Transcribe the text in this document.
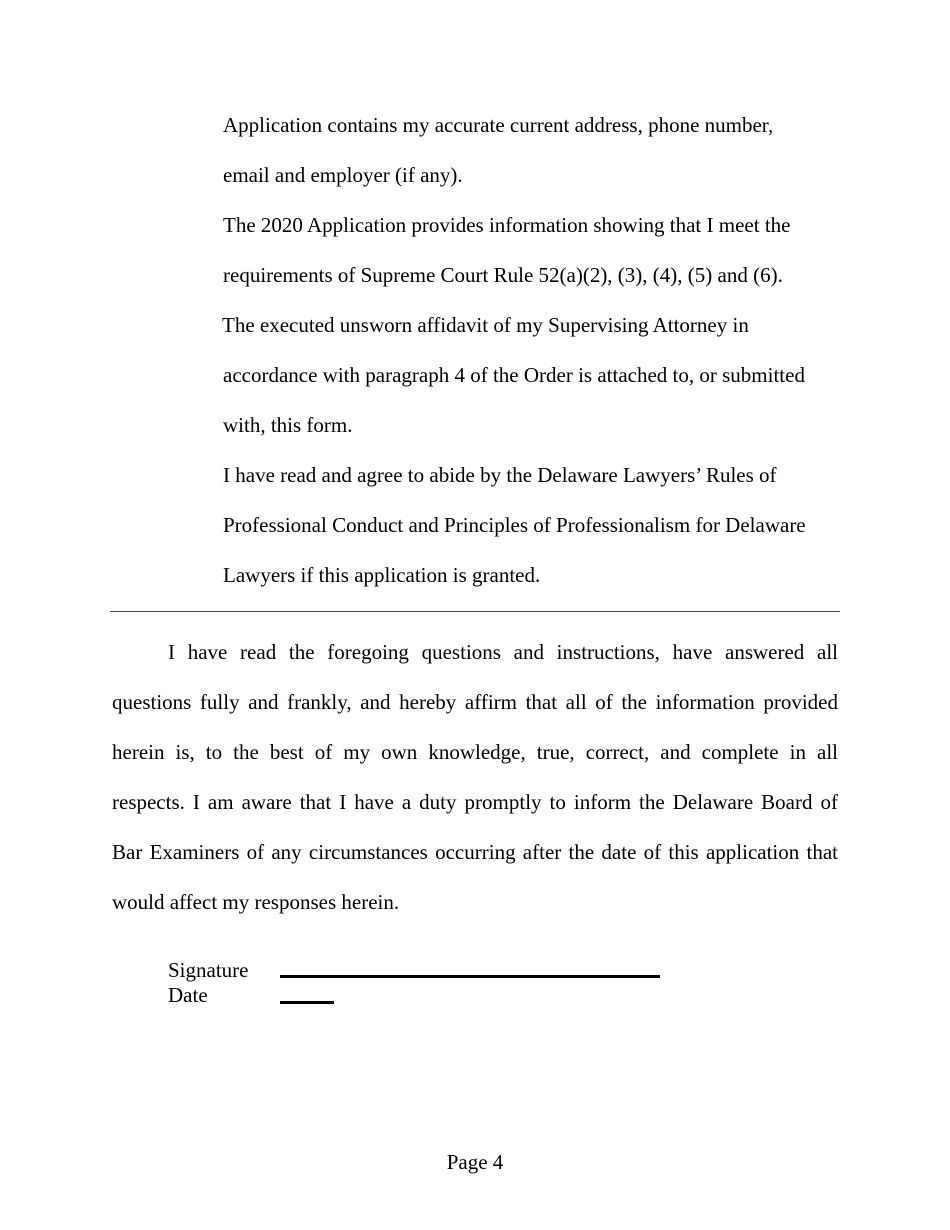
Application contains my accurate current address, phone number,
email and employer (if any).
The 2020 Application provides information showing that I meet the
requirements of Supreme Court Rule 52(a)(2), (3), (4), (5) and (6).
The executed unsworn affidavit of my Supervising Attorney in
accordance with paragraph 4 of the Order is attached to, or submitted
with, this form.
I have read and agree to abide by the Delaware Lawyers’ Rules of
Professional Conduct and Principles of Professionalism for Delaware
Lawyers if this application is granted.
I have read the foregoing questions and instructions, have answered all
questions fully and frankly, and hereby affirm that all of the information provided
herein is, to the best of my own knowledge, true, correct, and complete in all
respects. I am aware that I have a duty promptly to inform the Delaware Board of
Bar Examiners of any circumstances occurring after the date of this application that
would affect my responses herein.
Signature
Date
Page 4
